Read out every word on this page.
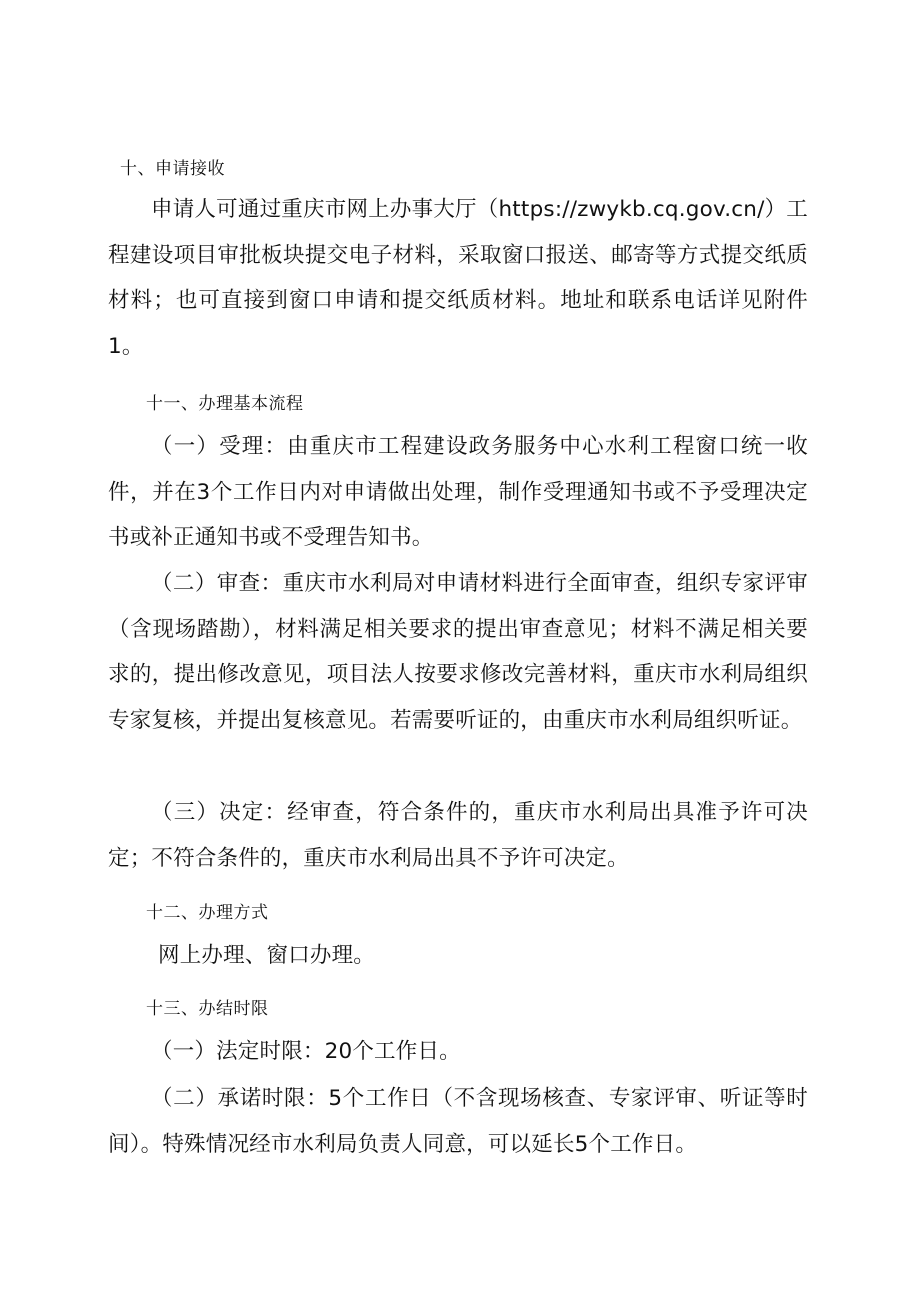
十、申请接收
申请人可通过重庆市网上办事大厅（https://zwykb.cq.gov.cn/）工程建设项目审批板块提交电子材料，采取窗口报送、邮寄等方式提交纸质材料；也可直接到窗口申请和提交纸质材料。地址和联系电话详见附件1。
十一、办理基本流程
（一）受理：由重庆市工程建设政务服务中心水利工程窗口统一收件，并在3个工作日内对申请做出处理，制作受理通知书或不予受理决定书或补正通知书或不受理告知书。
（二）审查：重庆市水利局对申请材料进行全面审查，组织专家评审（含现场踏勘），材料满足相关要求的提出审查意见；材料不满足相关要求的，提出修改意见，项目法人按要求修改完善材料，重庆市水利局组织专家复核，并提出复核意见。若需要听证的，由重庆市水利局组织听证。
（三）决定：经审查，符合条件的，重庆市水利局出具准予许可决定；不符合条件的，重庆市水利局出具不予许可决定。
十二、办理方式
网上办理、窗口办理。
十三、办结时限
（一）法定时限：20个工作日。
（二）承诺时限：5个工作日（不含现场核查、专家评审、听证等时间）。特殊情况经市水利局负责人同意，可以延长5个工作日。
